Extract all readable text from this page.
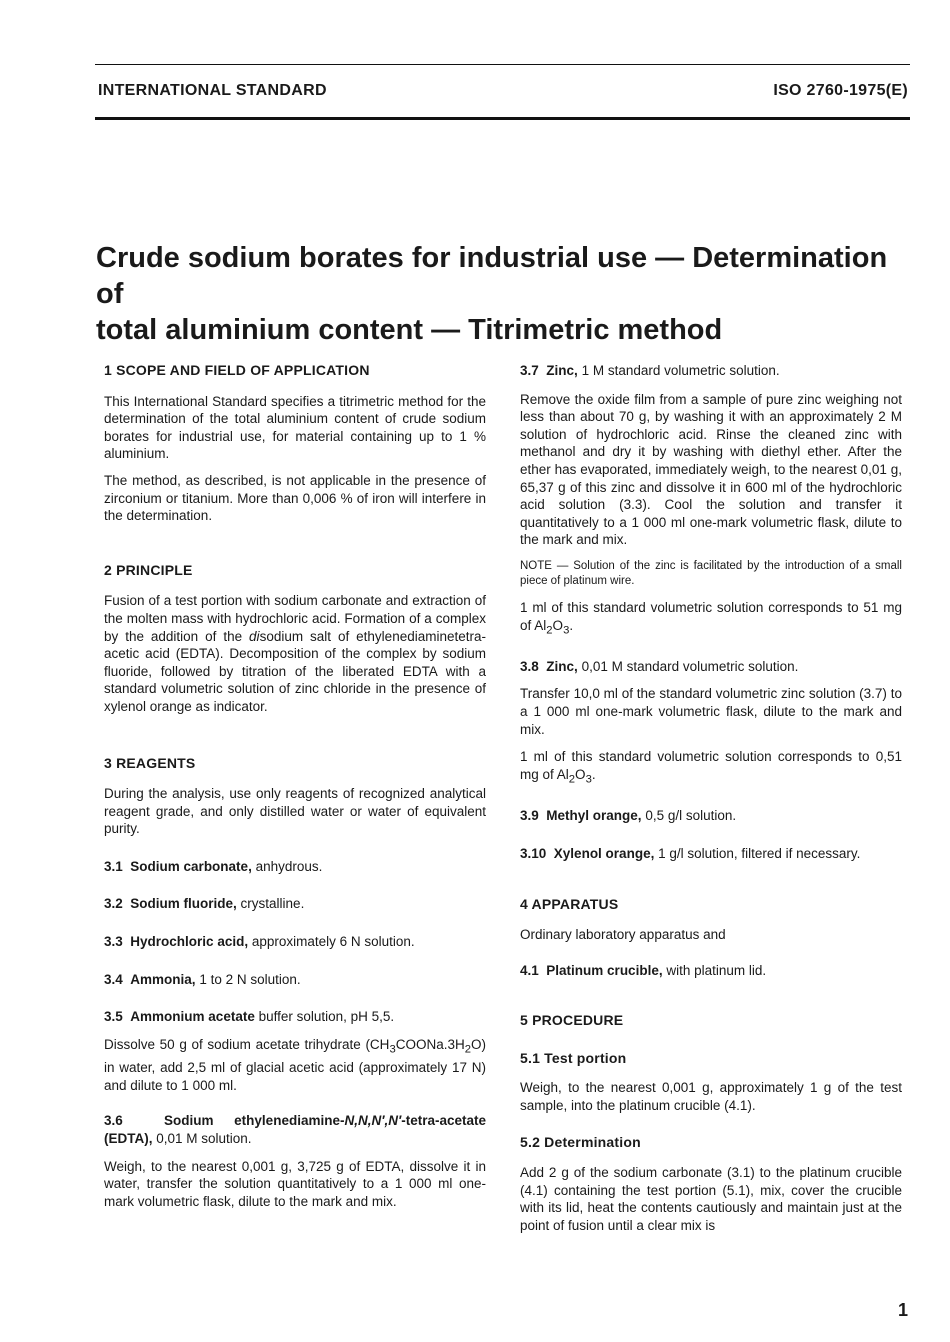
INTERNATIONAL STANDARD	ISO 2760-1975(E)
Crude sodium borates for industrial use — Determination of
total aluminium content — Titrimetric method

1 SCOPE AND FIELD OF APPLICATION

This International Standard specifies a titrimetric method for the determination of the total aluminium content of crude sodium borates for industrial use, for material containing up to 1 % aluminium.

The method, as described, is not applicable in the presence of zirconium or titanium. More than 0,006 % of iron will interfere in the determination.

2 PRINCIPLE

Fusion of a test portion with sodium carbonate and extraction of the molten mass with hydrochloric acid. Formation of a complex by the addition of the disodium salt of ethylenediaminetetra-acetic acid (EDTA). Decomposition of the complex by sodium fluoride, followed by titration of the liberated EDTA with a standard volumetric solution of zinc chloride in the presence of xylenol orange as indicator.

3 REAGENTS

During the analysis, use only reagents of recognized analytical reagent grade, and only distilled water or water of equivalent purity.

3.1 Sodium carbonate, anhydrous.

3.2 Sodium fluoride, crystalline.

3.3 Hydrochloric acid, approximately 6 N solution.

3.4 Ammonia, 1 to 2 N solution.

3.5 Ammonium acetate buffer solution, pH 5,5.

Dissolve 50 g of sodium acetate trihydrate $(CH_3COONa.3H_2O)$ in water, add 2,5 ml of glacial acetic acid (approximately 17 N) and dilute to 1 000 ml.

3.6	Sodium ethylenediamine-N,N,N′,N′-tetra-acetate (EDTA), 0,01 M solution.

Weigh, to the nearest 0,001 g, 3,725 g of EDTA, dissolve it in water, transfer the solution quantitatively to a 1 000 ml one-mark volumetric flask, dilute to the mark and mix.

3.7 Zinc, 1 M standard volumetric solution.

Remove the oxide film from a sample of pure zinc weighing not less than about 70 g, by washing it with an approximately 2 M solution of hydrochloric acid. Rinse the cleaned zinc with methanol and dry it by washing with diethyl ether. After the ether has evaporated, immediately weigh, to the nearest 0,01 g, 65,37 g of this zinc and dissolve it in 600 ml of the hydrochloric acid solution (3.3). Cool the solution and transfer it quantitatively to a 1 000 ml one-mark volumetric flask, dilute to the mark and mix.

NOTE — Solution of the zinc is facilitated by the introduction of a small piece of platinum wire.

1 ml of this standard volumetric solution corresponds to 51 mg of $Al_2O_3$.

3.8 Zinc, 0,01 M standard volumetric solution.

Transfer 10,0 ml of the standard volumetric zinc solution (3.7) to a 1 000 ml one-mark volumetric flask, dilute to the mark and mix.

1 ml of this standard volumetric solution corresponds to 0,51 mg of $Al_2O_3$.

3.9 Methyl orange, 0,5 g/l solution.

3.10 Xylenol orange, 1 g/l solution, filtered if necessary.

4 APPARATUS

Ordinary laboratory apparatus and

4.1 Platinum crucible, with platinum lid.

5 PROCEDURE

5.1 Test portion

Weigh, to the nearest 0,001 g, approximately 1 g of the test sample, into the platinum crucible (4.1).

5.2 Determination

Add 2 g of the sodium carbonate (3.1) to the platinum crucible (4.1) containing the test portion (5.1), mix, cover the crucible with its lid, heat the contents cautiously and maintain just at the point of fusion until a clear mix is

1
